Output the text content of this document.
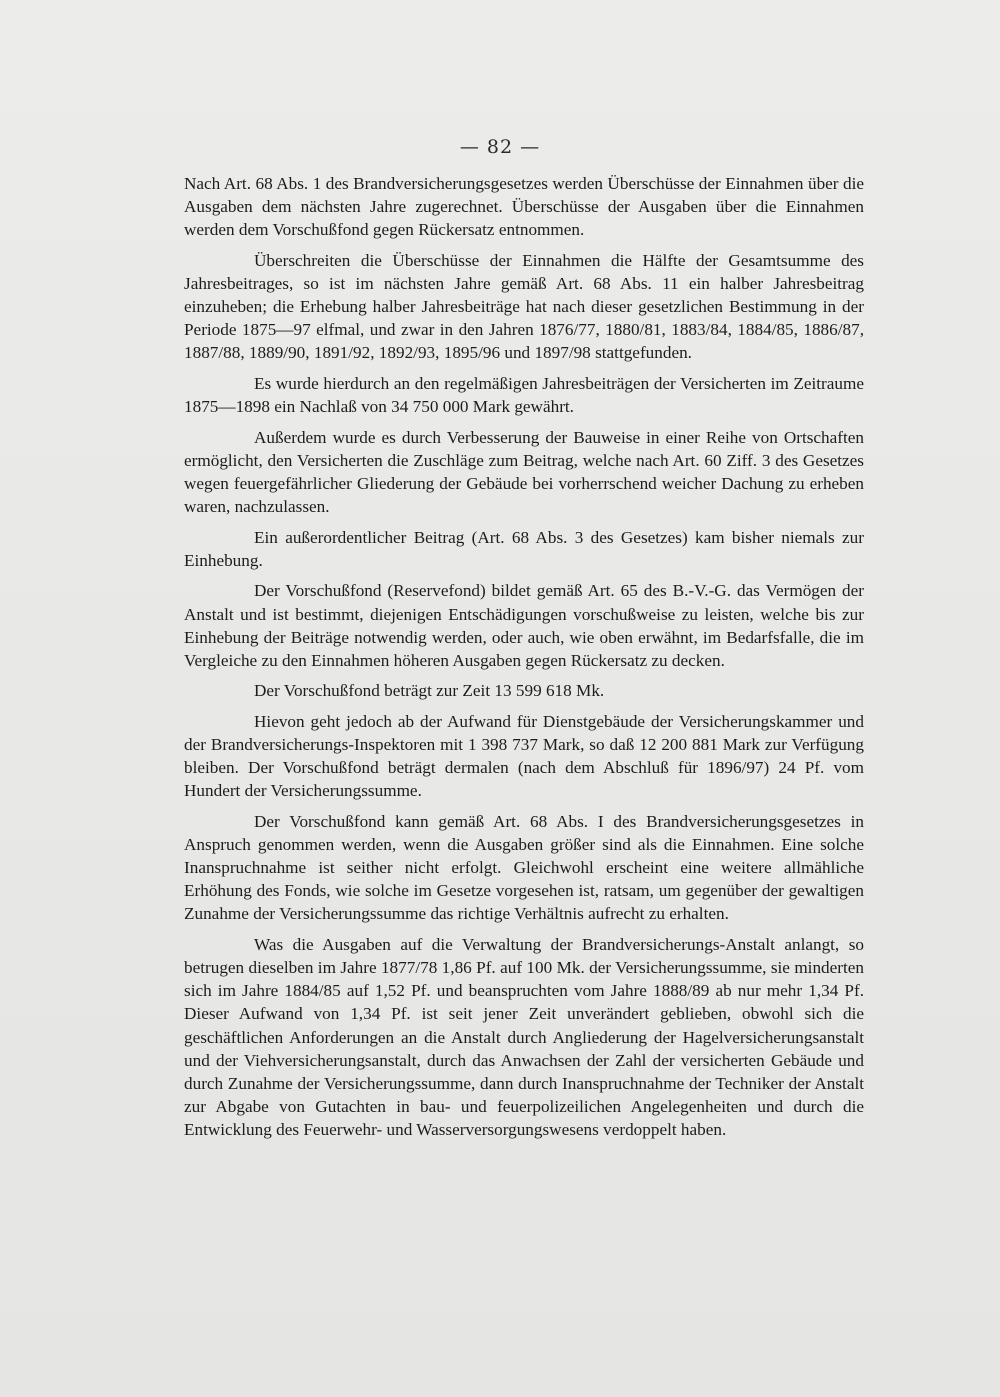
— 82 —

Nach Art. 68 Abs. 1 des Brandversicherungsgesetzes werden Überschüsse der Einnahmen über die Ausgaben dem nächsten Jahre zugerechnet. Überschüsse der Ausgaben über die Einnahmen werden dem Vorschußfond gegen Rückersatz entnommen.

Überschreiten die Überschüsse der Einnahmen die Hälfte der Gesamtsumme des Jahresbeitrages, so ist im nächsten Jahre gemäß Art. 68 Abs. 11 ein halber Jahresbeitrag einzuheben; die Erhebung halber Jahresbeiträge hat nach dieser gesetzlichen Bestimmung in der Periode 1875—97 elfmal, und zwar in den Jahren 1876/77, 1880/81, 1883/84, 1884/85, 1886/87, 1887/88, 1889/90, 1891/92, 1892/93, 1895/96 und 1897/98 stattgefunden.

Es wurde hierdurch an den regelmäßigen Jahresbeiträgen der Versicherten im Zeitraume 1875—1898 ein Nachlaß von 34 750 000 Mark gewährt.

Außerdem wurde es durch Verbesserung der Bauweise in einer Reihe von Ortschaften ermöglicht, den Versicherten die Zuschläge zum Beitrag, welche nach Art. 60 Ziff. 3 des Gesetzes wegen feuergefährlicher Gliederung der Gebäude bei vorherrschend weicher Dachung zu erheben waren, nachzulassen.

Ein außerordentlicher Beitrag (Art. 68 Abs. 3 des Gesetzes) kam bisher niemals zur Einhebung.

Der Vorschußfond (Reservefond) bildet gemäß Art. 65 des B.-V.-G. das Vermögen der Anstalt und ist bestimmt, diejenigen Entschädigungen vorschußweise zu leisten, welche bis zur Einhebung der Beiträge notwendig werden, oder auch, wie oben erwähnt, im Bedarfsfalle, die im Vergleiche zu den Einnahmen höheren Ausgaben gegen Rückersatz zu decken.

Der Vorschußfond beträgt zur Zeit 13 599 618 Mk.

Hievon geht jedoch ab der Aufwand für Dienstgebäude der Versicherungskammer und der Brandversicherungs-Inspektoren mit 1 398 737 Mark, so daß 12 200 881 Mark zur Verfügung bleiben. Der Vorschußfond beträgt dermalen (nach dem Abschluß für 1896/97) 24 Pf. vom Hundert der Versicherungssumme.

Der Vorschußfond kann gemäß Art. 68 Abs. I des Brandversicherungsgesetzes in Anspruch genommen werden, wenn die Ausgaben größer sind als die Einnahmen. Eine solche Inanspruchnahme ist seither nicht erfolgt. Gleichwohl erscheint eine weitere allmähliche Erhöhung des Fonds, wie solche im Gesetze vorgesehen ist, ratsam, um gegenüber der gewaltigen Zunahme der Versicherungssumme das richtige Verhältnis aufrecht zu erhalten.

Was die Ausgaben auf die Verwaltung der Brandversicherungs-Anstalt anlangt, so betrugen dieselben im Jahre 1877/78 1,86 Pf. auf 100 Mk. der Versicherungssumme, sie minderten sich im Jahre 1884/85 auf 1,52 Pf. und beanspruchten vom Jahre 1888/89 ab nur mehr 1,34 Pf. Dieser Aufwand von 1,34 Pf. ist seit jener Zeit unverändert geblieben, obwohl sich die geschäftlichen Anforderungen an die Anstalt durch Angliederung der Hagelversicherungsanstalt und der Viehversicherungsanstalt, durch das Anwachsen der Zahl der versicherten Gebäude und durch Zunahme der Versicherungssumme, dann durch Inanspruchnahme der Techniker der Anstalt zur Abgabe von Gutachten in bau- und feuerpolizeilichen Angelegenheiten und durch die Entwicklung des Feuerwehr- und Wasserversorgungswesens verdoppelt haben.
